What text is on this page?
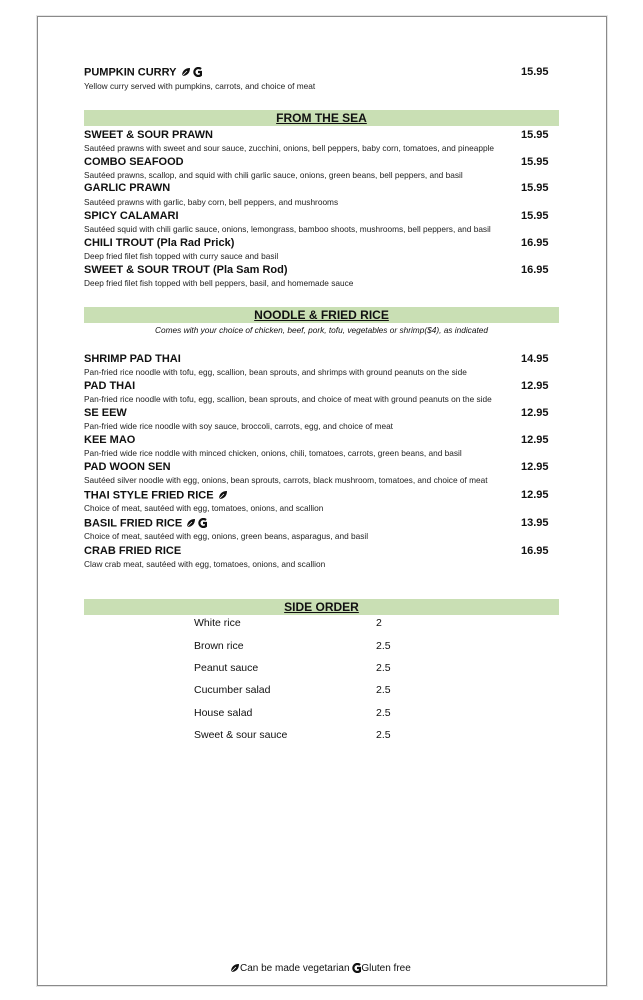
PUMPKIN CURRY	15.95
Yellow curry served with pumpkins, carrots, and choice of meat
FROM THE SEA
SWEET & SOUR PRAWN	15.95
Sautéed prawns with sweet and sour sauce, zucchini, onions, bell peppers, baby corn, tomatoes, and pineapple
COMBO SEAFOOD	15.95
Sautéed prawns, scallop, and squid with chili garlic sauce, onions, green beans, bell peppers, and basil
GARLIC PRAWN	15.95
Sautéed prawns with garlic, baby corn, bell peppers, and mushrooms
SPICY CALAMARI	15.95
Sautéed squid with chili garlic sauce, onions, lemongrass, bamboo shoots, mushrooms, bell peppers, and basil
CHILI TROUT (Pla Rad Prick)	16.95
Deep fried filet fish topped with curry sauce and basil
SWEET & SOUR TROUT (Pla Sam Rod)	16.95
Deep fried filet fish topped with bell peppers, basil, and homemade sauce
NOODLE & FRIED RICE
Comes with your choice of chicken, beef, pork, tofu, vegetables or shrimp($4), as indicated
SHRIMP PAD THAI	14.95
Pan-fried rice noodle with tofu, egg, scallion, bean sprouts, and shrimps with ground peanuts on the side
PAD THAI	12.95
Pan-fried rice noodle with tofu, egg, scallion, bean sprouts, and choice of meat with ground peanuts on the side
SE EEW	12.95
Pan-fried wide rice noodle with soy sauce, broccoli, carrots, egg, and choice of meat
KEE MAO	12.95
Pan-fried wide rice noddle with minced chicken, onions, chili, tomatoes, carrots, green beans, and basil
PAD WOON SEN	12.95
Sautéed silver noodle with egg, onions, bean sprouts, carrots, black mushroom, tomatoes, and choice of meat
THAI STYLE FRIED RICE	12.95
Choice of meat, sautéed with egg, tomatoes, onions, and scallion
BASIL FRIED RICE	13.95
Choice of meat, sautéed with egg, onions, green beans, asparagus, and basil
CRAB FRIED RICE	16.95
Claw crab meat, sautéed with egg, tomatoes, onions, and scallion
SIDE ORDER
White rice	2
Brown rice	2.5
Peanut sauce	2.5
Cucumber salad	2.5
House salad	2.5
Sweet & sour sauce	2.5
Can be made vegetarian Gluten free
